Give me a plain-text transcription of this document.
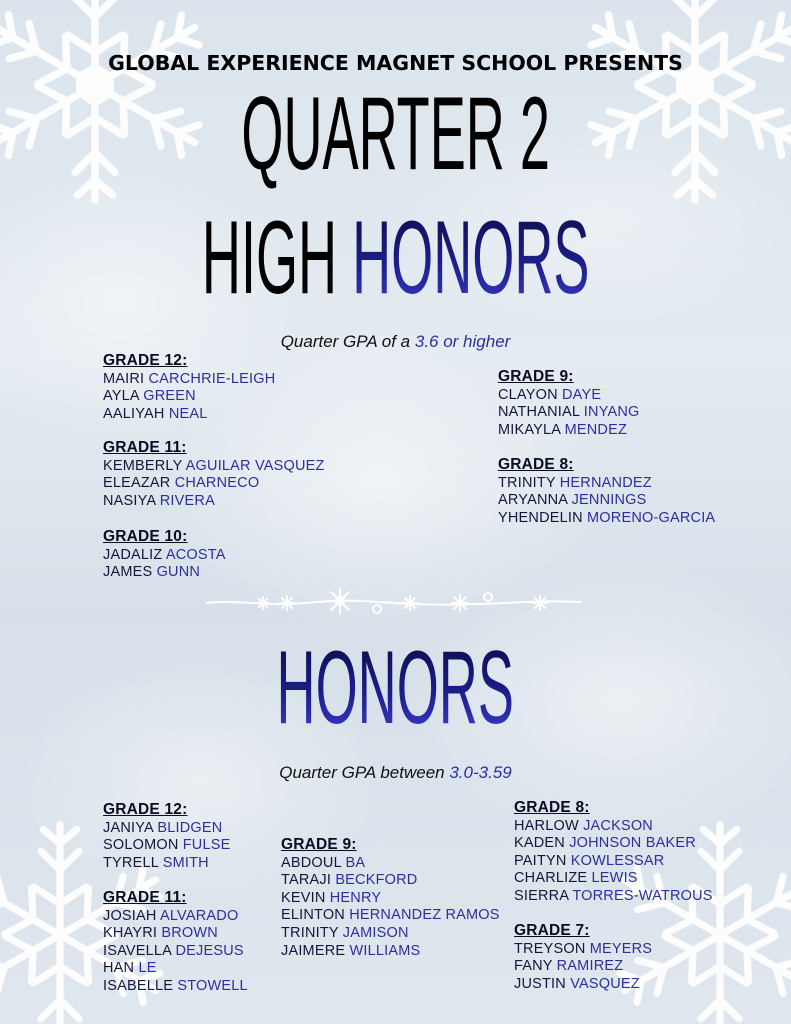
GLOBAL EXPERIENCE MAGNET SCHOOL PRESENTS
QUARTER 2
HIGH HONORS
Quarter GPA of a 3.6 or higher
GRADE 12:
MAIRI CARCHRIE-LEIGH
AYLA GREEN
AALIYAH NEAL
GRADE 11:
KEMBERLY AGUILAR VASQUEZ
ELEAZAR CHARNECO
NASIYA RIVERA
GRADE 10:
JADALIZ ACOSTA
JAMES GUNN
GRADE 9:
CLAYON DAYE
NATHANIAL INYANG
MIKAYLA MENDEZ
GRADE 8:
TRINITY HERNANDEZ
ARYANNA JENNINGS
YHENDELIN MORENO-GARCIA
HONORS
Quarter GPA between 3.0-3.59
GRADE 12:
JANIYA BLIDGEN
SOLOMON FULSE
TYRELL SMITH
GRADE 11:
JOSIAH ALVARADO
KHAYRI BROWN
ISAVELLA DEJESUS
HAN LE
ISABELLE STOWELL
GRADE 9:
ABDOUL BA
TARAJI BECKFORD
KEVIN HENRY
ELINTON HERNANDEZ RAMOS
TRINITY JAMISON
JAIMERE WILLIAMS
GRADE 8:
HARLOW JACKSON
KADEN JOHNSON BAKER
PAITYN KOWLESSAR
CHARLIZE LEWIS
SIERRA TORRES-WATROUS
GRADE 7:
TREYSON MEYERS
FANY RAMIREZ
JUSTIN VASQUEZ
